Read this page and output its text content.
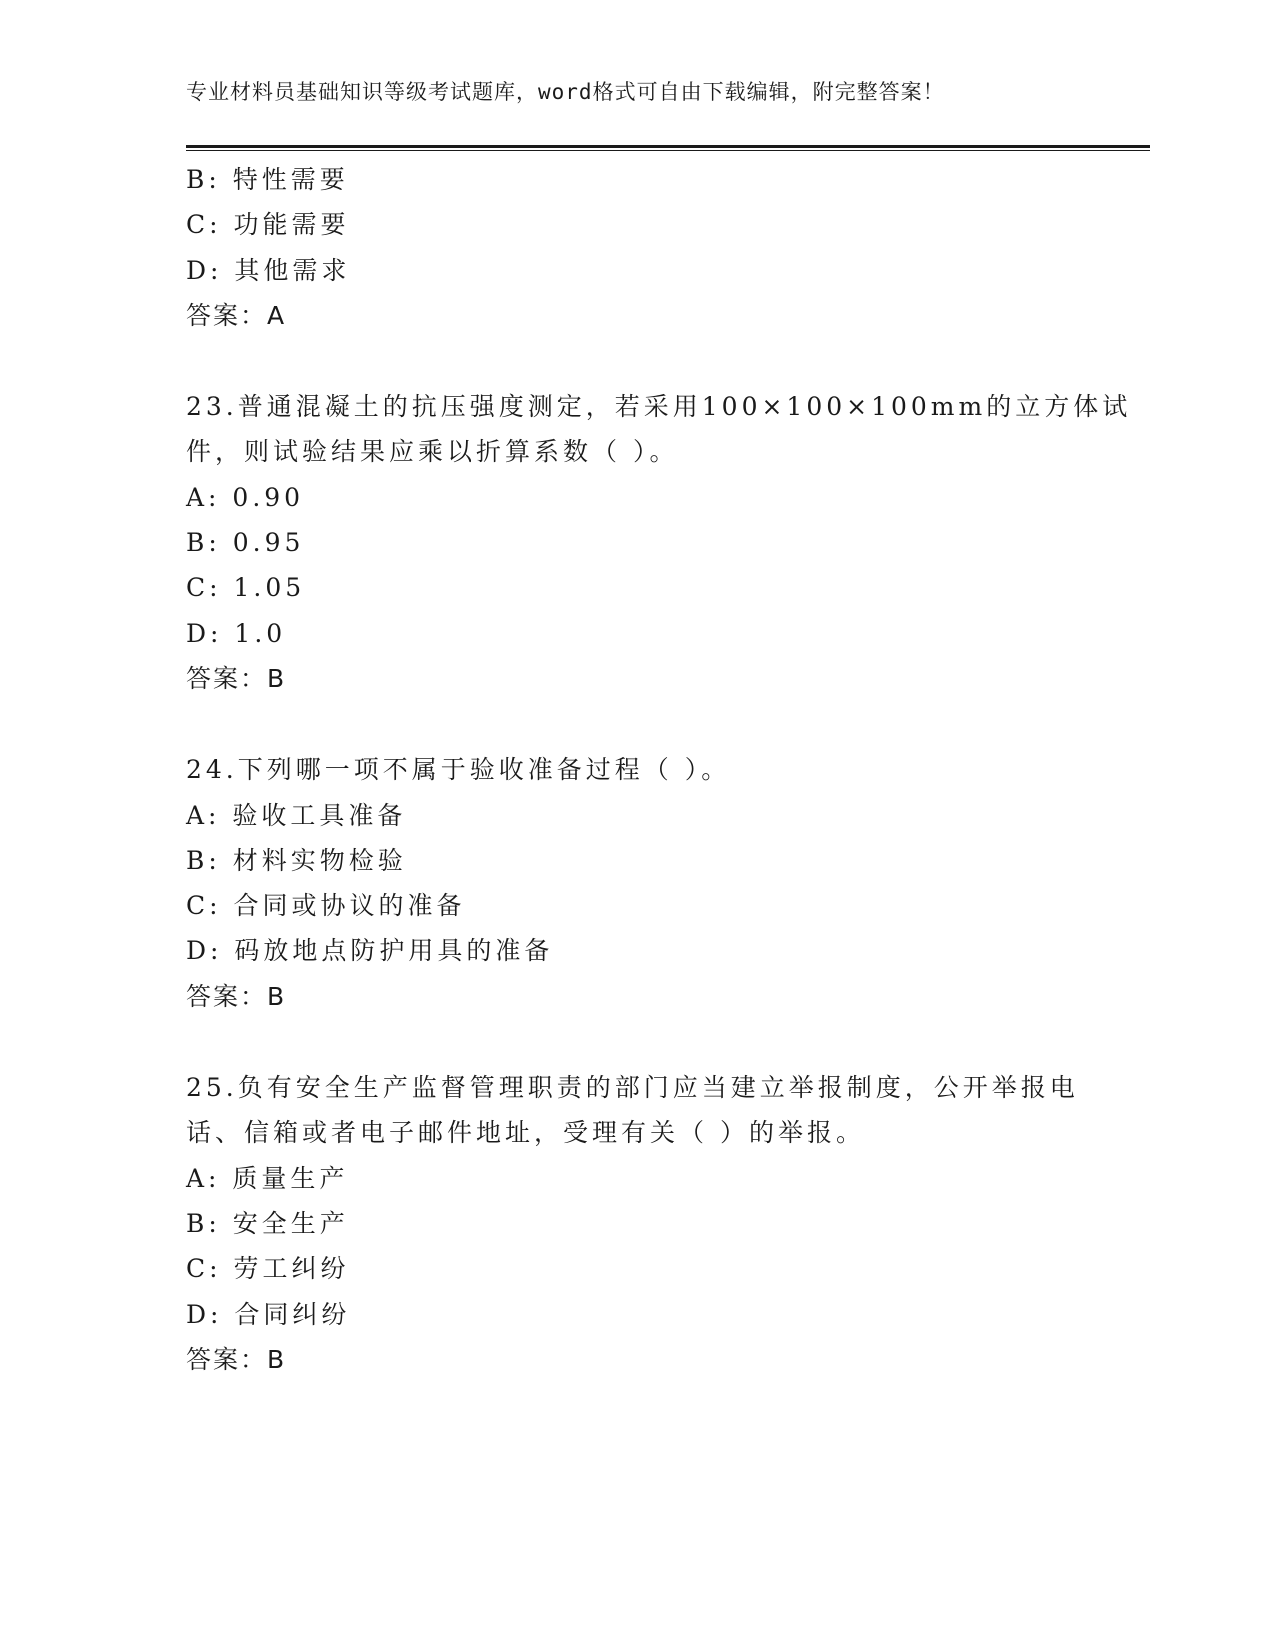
专业材料员基础知识等级考试题库，word格式可自由下载编辑，附完整答案！
B: 特性需要
C: 功能需要
D: 其他需求
答案：A
23.普通混凝土的抗压强度测定，若采用100×100×100mm的立方体试
件，则试验结果应乘以折算系数（ ）。
A: 0.90
B: 0.95
C: 1.05
D: 1.0
答案：B
24.下列哪一项不属于验收准备过程（ ）。
A: 验收工具准备
B: 材料实物检验
C: 合同或协议的准备
D: 码放地点防护用具的准备
答案：B
25.负有安全生产监督管理职责的部门应当建立举报制度，公开举报电
话、信箱或者电子邮件地址，受理有关（ ）的举报。
A: 质量生产
B: 安全生产
C: 劳工纠纷
D: 合同纠纷
答案：B
